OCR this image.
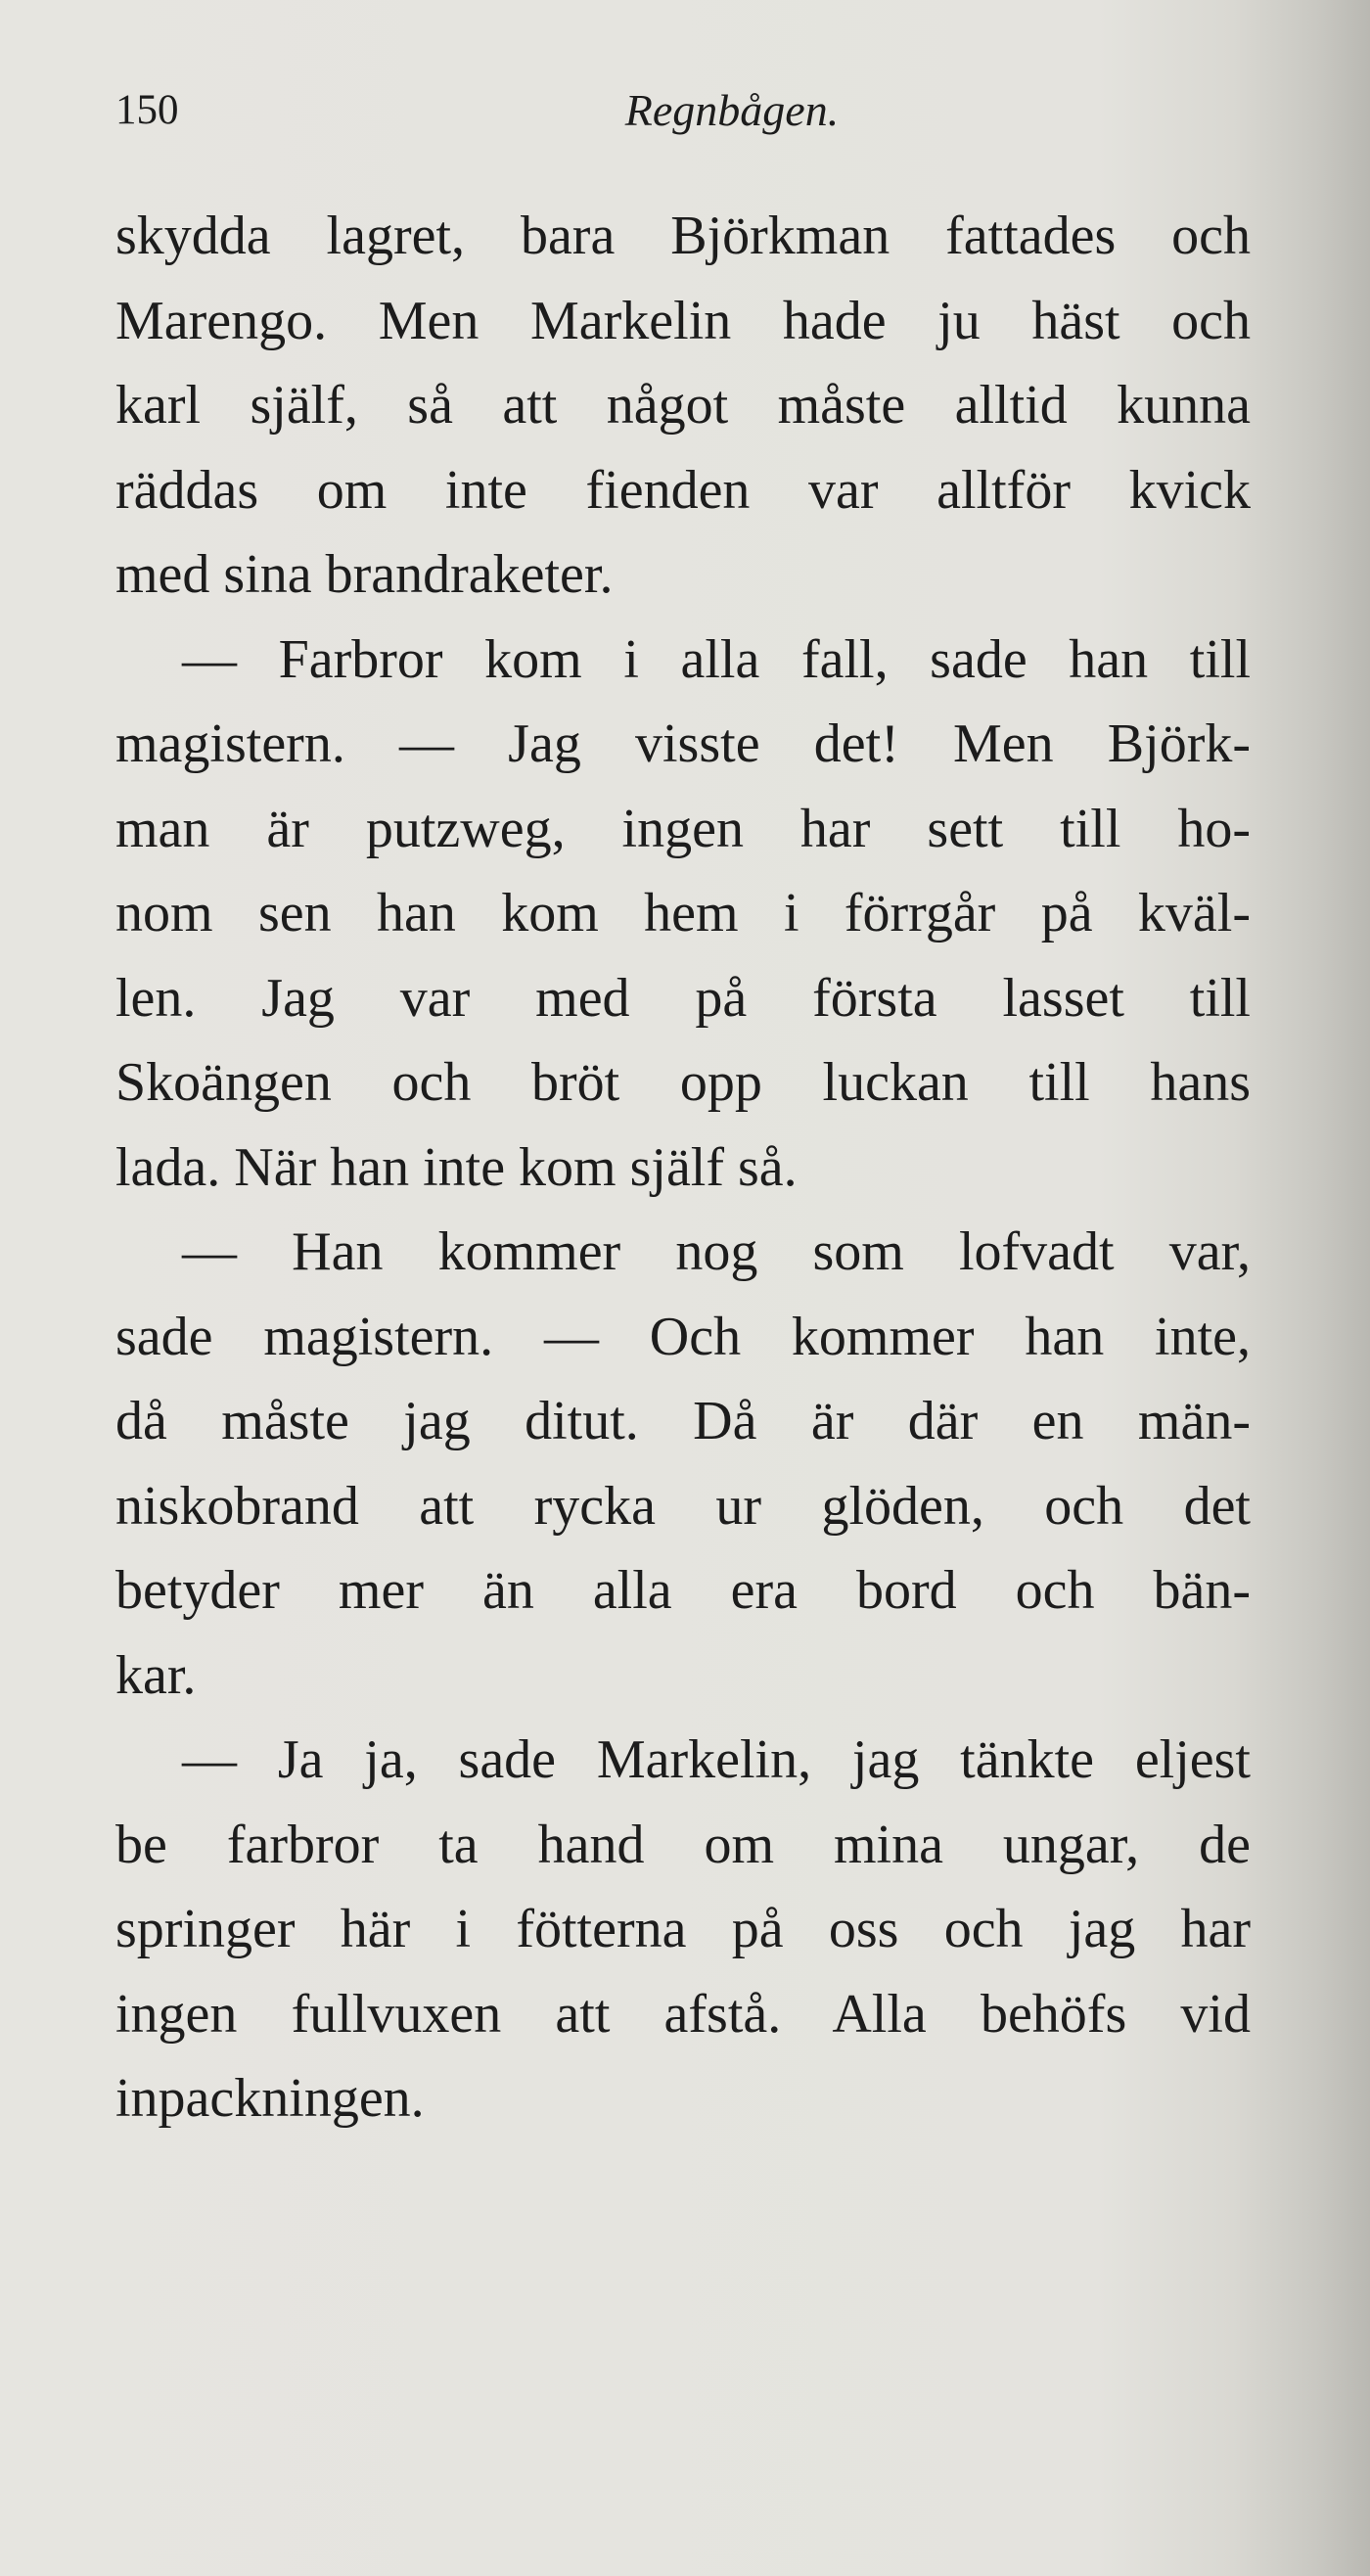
150	Regnbågen.
skydda lagret, bara Björkman fattades och
Marengo. Men Markelin hade ju häst och
karl själf, så att något måste alltid kunna
räddas om inte fienden var alltför kvick
med sina brandraketer.
— Farbror kom i alla fall, sade han till
magistern. — Jag visste det! Men Björk-
man är putzweg, ingen har sett till ho-
nom sen han kom hem i förrgår på kväl-
len. Jag var med på första lasset till
Skoängen och bröt opp luckan till hans
lada. När han inte kom själf så.
— Han kommer nog som lofvadt var,
sade magistern. — Och kommer han inte,
då måste jag ditut. Då är där en män-
niskobrand att rycka ur glöden, och det
betyder mer än alla era bord och bän-
kar.
— Ja ja, sade Markelin, jag tänkte eljest
be farbror ta hand om mina ungar, de
springer här i fötterna på oss och jag har
ingen fullvuxen att afstå. Alla behöfs vid
inpackningen.
